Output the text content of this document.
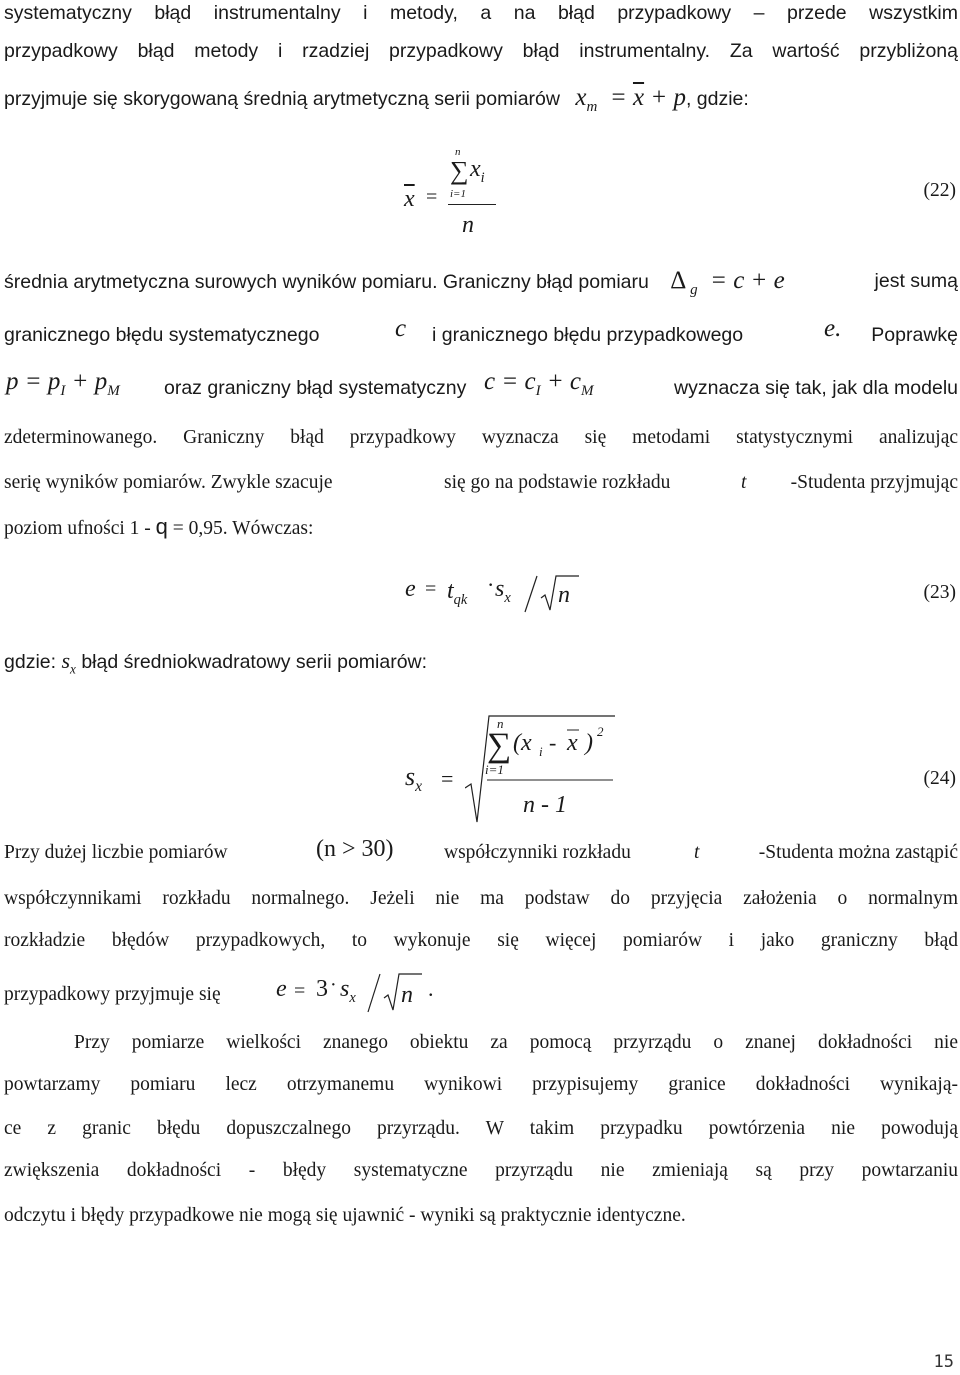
systematyczny błąd instrumentalny i metody, a na błąd przypadkowy – przede wszystkim
przypadkowy błąd metody i rzadziej przypadkowy błąd instrumentalny. Za wartość przybliżoną
przyjmuje się skorygowaną średnią arytmetyczną serii pomiarów $x_m = \overline{x} + p$, gdzie:
$\overline{x}$ =
n
∑ $x_i$
i=1
n
(22)
średnia arytmetyczna surowych wyników pomiaru. Graniczny błąd pomiaru Δ $_g$  = c + e	jest sumą
granicznego błędu systematycznego	c i granicznego błędu przypadkowego	e. Poprawkę
$p = p_I + p_M$ oraz graniczny błąd systematyczny $c = c_I + c_M$	wyznacza się tak, jak dla modelu
zdeterminowanego. Graniczny błąd przypadkowy wyznacza się metodami statystycznymi analizując
serię wyników pomiarów. Zwykle szacuje	się go na podstawie rozkładu	t -Studenta przyjmując
poziom ufności 1 - q = 0,95. Wówczas:
$e = t_{qk}$
· $s_x$ n	(23)
gdzie: $s_x$ błąd średniokwadratowy serii pomiarów:
$s_x$ =
n
∑ (x i - x ) 2
i=1
n - 1
(24)
Przy dużej liczbie pomiarów	(n > 30)	współczynniki rozkładu	t	-Studenta można zastąpić
współczynnikami rozkładu normalnego. Jeżeli nie ma podstaw do przyjęcia założenia o normalnym
rozkładzie błędów przypadkowych, to wykonuje się więcej pomiarów i jako graniczny błąd
przypadkowy przyjmuje się $e = 3 \cdot s_x$ n .
Przy pomiarze wielkości znanego obiektu za pomocą przyrządu o znanej dokładności nie
powtarzamy pomiaru lecz otrzymanemu wynikowi przypisujemy granice dokładności wynikają-
ce z granic błędu dopuszczalnego przyrządu. W takim przypadku powtórzenia nie powodują
zwiększenia dokładności - błędy systematyczne przyrządu nie zmieniają są przy powtarzaniu
odczytu i błędy przypadkowe nie mogą się ujawnić - wyniki są praktycznie identyczne.
15
